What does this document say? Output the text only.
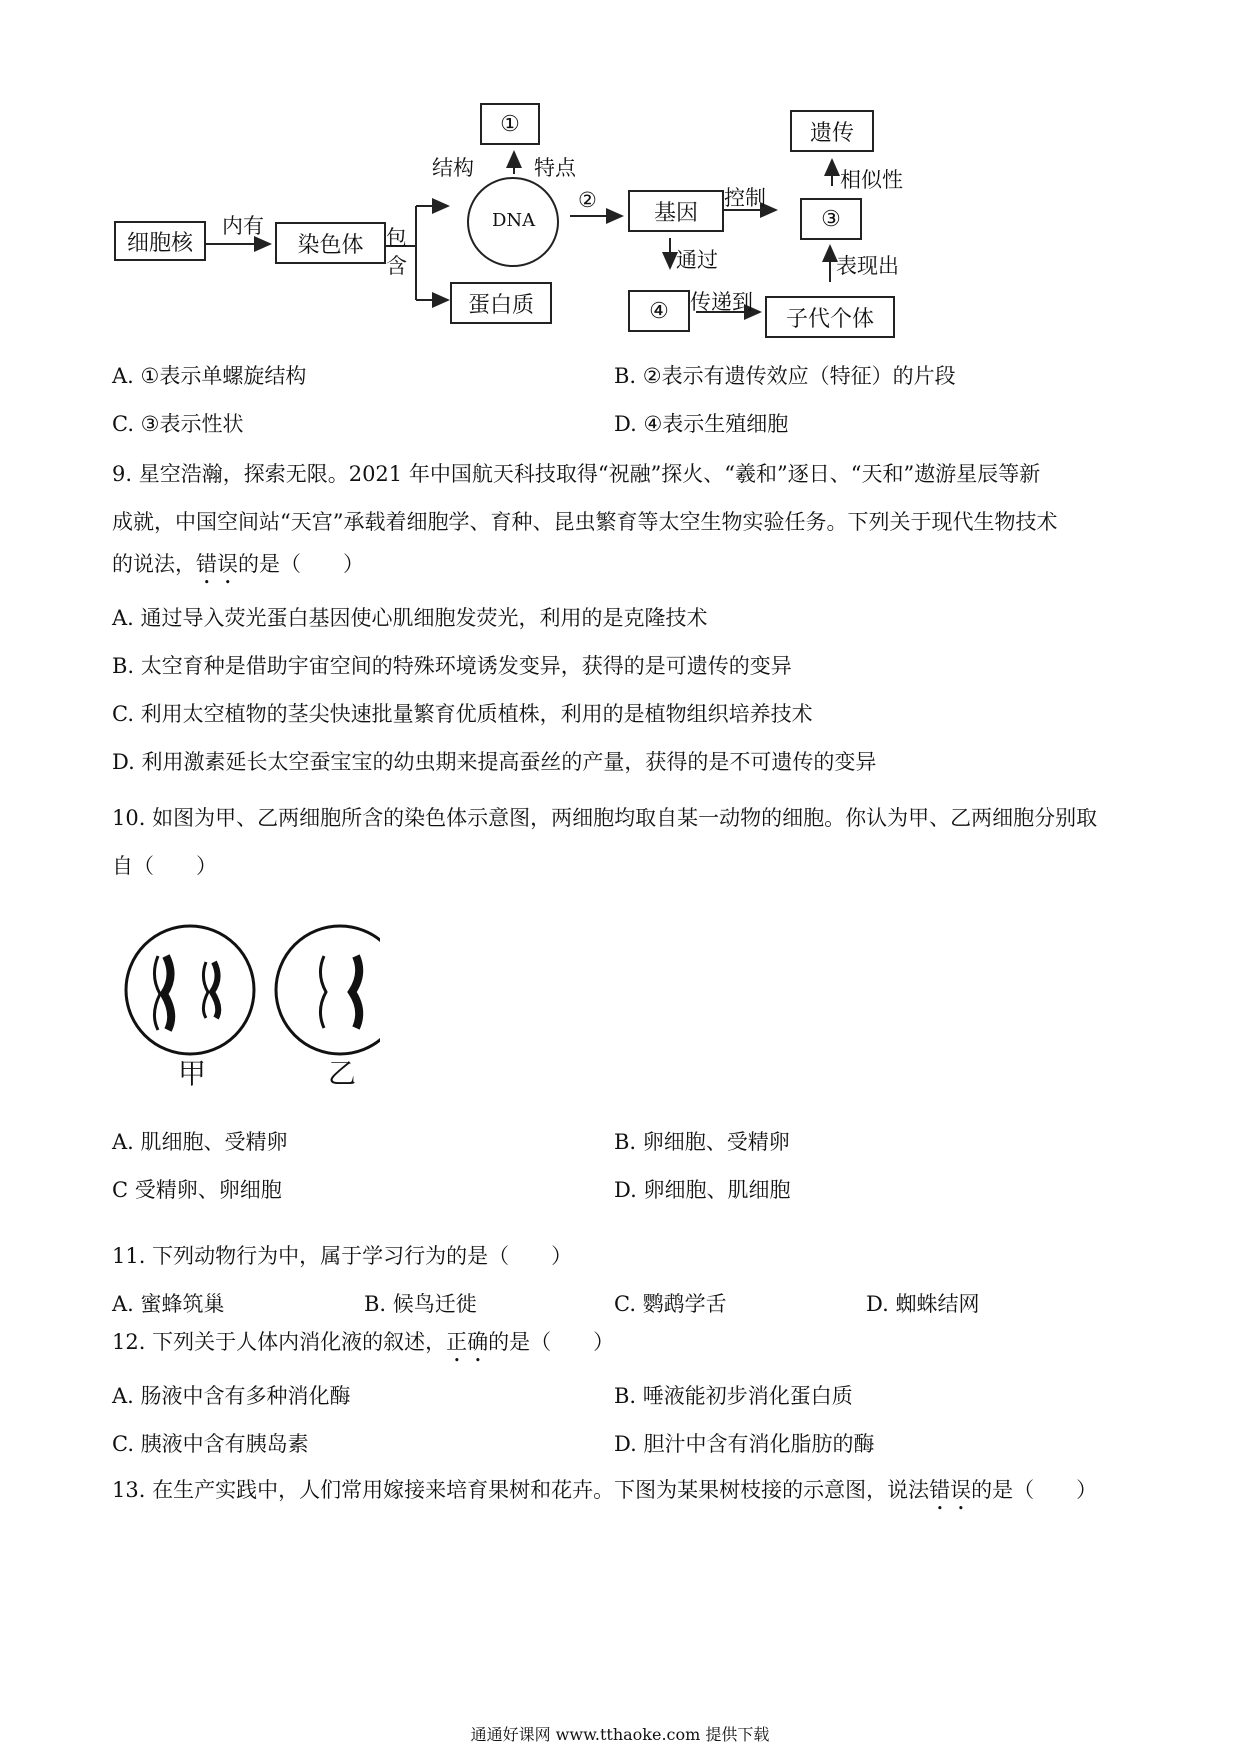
①
结构	特点
DNA
细胞核
内有
染色体 包
含
蛋白质
②
基因
控制
③
遗传
相似性
通过
④ 传递到
子代个体
表现出
A. ①表示单螺旋结构	B. ②表示有遗传效应（特征）的片段
C. ③表示性状	D. ④表示生殖细胞
9. 星空浩瀚，探索无限。2021 年中国航天科技取得“祝融”探火、“羲和”逐日、“天和”遨游星辰等新
成就，中国空间站“天宫”承载着细胞学、育种、昆虫繁育等太空生物实验任务。下列关于现代生物技术
的说法，错误的是（　　）
A. 通过导入荧光蛋白基因使心肌细胞发荧光，利用的是克隆技术
B. 太空育种是借助宇宙空间的特殊环境诱发变异，获得的是可遗传的变异
C. 利用太空植物的茎尖快速批量繁育优质植株，利用的是植物组织培养技术
D. 利用激素延长太空蚕宝宝的幼虫期来提高蚕丝的产量，获得的是不可遗传的变异
10. 如图为甲、乙两细胞所含的染色体示意图，两细胞均取自某一动物的细胞。你认为甲、乙两细胞分别取
自（　　）
甲	乙
A. 肌细胞、受精卵	B. 卵细胞、受精卵
C 受精卵、卵细胞	D. 卵细胞、肌细胞
11. 下列动物行为中，属于学习行为的是（　　）
A. 蜜蜂筑巢	B. 候鸟迁徙	C. 鹦鹉学舌	D. 蜘蛛结网
12. 下列关于人体内消化液的叙述，正确的是（　　）
A. 肠液中含有多种消化酶	B. 唾液能初步消化蛋白质
C. 胰液中含有胰岛素	D. 胆汁中含有消化脂肪的酶
13. 在生产实践中，人们常用嫁接来培育果树和花卉。下图为某果树枝接的示意图，说法错误的是（　　）
通通好课网 www.tthaoke.com 提供下载
